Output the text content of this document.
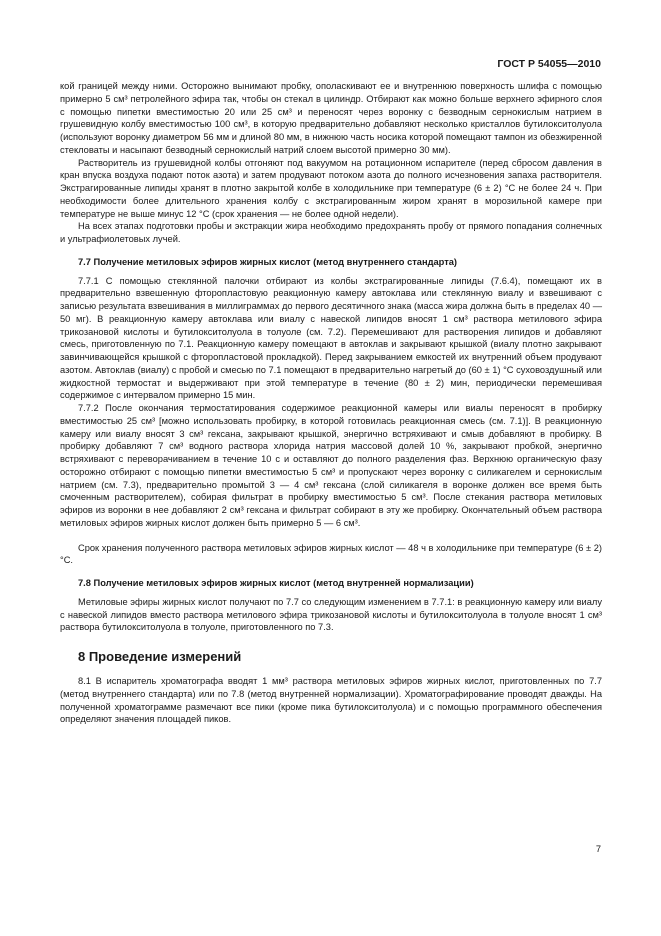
ГОСТ Р 54055—2010

кой границей между ними. Осторожно вынимают пробку, ополаскивают ее и внутреннюю поверхность шлифа с помощью примерно 5 см³ петролейного эфира так, чтобы он стекал в цилиндр. Отбирают как можно больше верхнего эфирного слоя с помощью пипетки вместимостью 20 или 25 см³ и переносят через воронку с безводным сернокислым натрием в грушевидную колбу вместимостью 100 см³, в которую предварительно добавляют несколько кристаллов бутилокситолуола (используют воронку диаметром 56 мм и длиной 80 мм, в нижнюю часть носика которой помещают тампон из обезжиренной стекловаты и насыпают безводный сернокислый натрий слоем высотой примерно 30 мм).

Растворитель из грушевидной колбы отгоняют под вакуумом на ротационном испарителе (перед сбросом давления в кран впуска воздуха подают поток азота) и затем продувают потоком азота до полного исчезновения запаха растворителя. Экстрагированные липиды хранят в плотно закрытой колбе в холодильнике при температуре (6 ± 2) °С не более 24 ч. При необходимости более длительного хранения колбу с экстрагированным жиром хранят в морозильной камере при температуре не выше минус 12 °С (срок хранения — не более одной недели).

На всех этапах подготовки пробы и экстракции жира необходимо предохранять пробу от прямого попадания солнечных и ультрафиолетовых лучей.

7.7 Получение метиловых эфиров жирных кислот (метод внутреннего стандарта)

7.7.1 С помощью стеклянной палочки отбирают из колбы экстрагированные липиды (7.6.4), помещают их в предварительно взвешенную фторопластовую реакционную камеру автоклава или стеклянную виалу и взвешивают с записью результата взвешивания в миллиграммах до первого десятичного знака (масса жира должна быть в пределах 40 — 50 мг). В реакционную камеру автоклава или виалу с навеской липидов вносят 1 см³ раствора метилового эфира трикозановой кислоты и бутилокситолуола в толуоле (см. 7.2). Перемешивают для растворения липидов и добавляют смесь, приготовленную по 7.1. Реакционную камеру помещают в автоклав и закрывают крышкой (виалу плотно закрывают завинчивающейся крышкой с фторопластовой прокладкой). Перед закрыванием емкостей их внутренний объем продувают азотом. Автоклав (виалу) с пробой и смесью по 7.1 помещают в предварительно нагретый до (60 ± 1) °С суховоздушный или жидкостной термостат и выдерживают при этой температуре в течение (80 ± 2) мин, периодически перемешивая содержимое с интервалом примерно 15 мин.

7.7.2 После окончания термостатирования содержимое реакционной камеры или виалы переносят в пробирку вместимостью 25 см³ [можно использовать пробирку, в которой готовилась реакционная смесь (см. 7.1)]. В реакционную камеру или виалу вносят 3 см³ гексана, закрывают крышкой, энергично встряхивают и смыв добавляют в пробирку. В пробирку добавляют 7 см³ водного раствора хлорида натрия массовой долей 10 %, закрывают пробкой, энергично встряхивают с переворачиванием в течение 10 с и оставляют до полного разделения фаз. Верхнюю органическую фазу осторожно отбирают с помощью пипетки вместимостью 5 см³ и пропускают через воронку с силикагелем и сернокислым натрием (см. 7.3), предварительно промытой 3 — 4 см³ гексана (слой силикагеля в воронке должен все время быть смоченным растворителем), собирая фильтрат в пробирку вместимостью 5 см³. После стекания раствора метиловых эфиров из воронки в нее добавляют 2 см³ гексана и фильтрат собирают в эту же пробирку. Окончательный объем раствора метиловых эфиров жирных кислот должен быть примерно 5 — 6 см³.

Срок хранения полученного раствора метиловых эфиров жирных кислот — 48 ч в холодильнике при температуре (6 ± 2) °С.

7.8 Получение метиловых эфиров жирных кислот (метод внутренней нормализации)

Метиловые эфиры жирных кислот получают по 7.7 со следующим изменением в 7.7.1: в реакционную камеру или виалу с навеской липидов вместо раствора метилового эфира трикозановой кислоты и бутилокситолуола в толуоле вносят 1 см³ раствора бутилокситолуола в толуоле, приготовленного по 7.3.

8 Проведение измерений

8.1 В испаритель хроматографа вводят 1 мм³ раствора метиловых эфиров жирных кислот, приготовленных по 7.7 (метод внутреннего стандарта) или по 7.8 (метод внутренней нормализации). Хроматографирование проводят дважды. На полученной хроматограмме размечают все пики (кроме пика бутилокситолуола) и с помощью программного обеспечения определяют значения площадей пиков.

7
